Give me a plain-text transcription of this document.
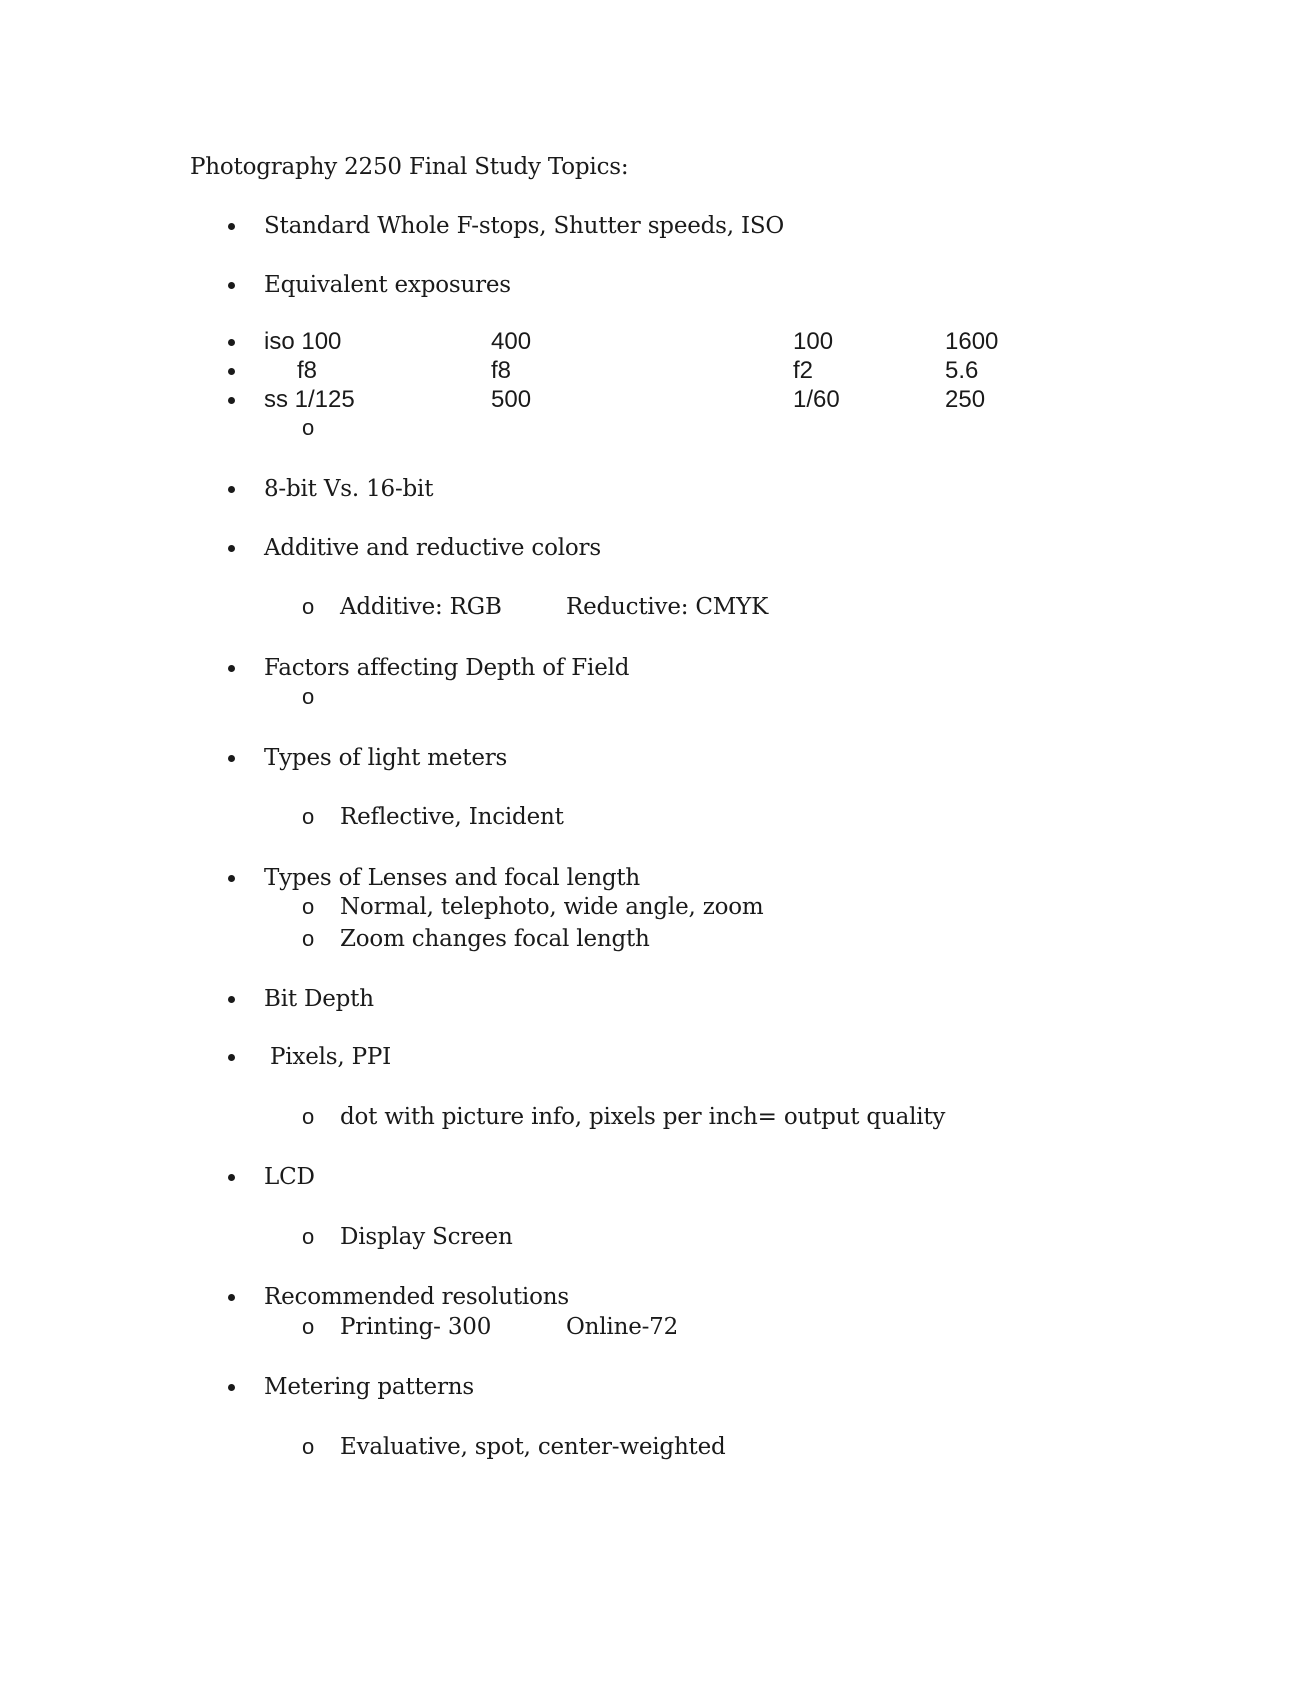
Photography 2250 Final Study Topics:
Standard Whole F-stops, Shutter speeds, ISO
Equivalent exposures
iso 100	400	100	1600
f8	f8	f2	5.6
ss 1/125	500	1/60	250
o
8-bit Vs. 16-bit
Additive and reductive colors
o Additive: RGB	Reductive: CMYK
Factors affecting Depth of Field
o
Types of light meters
o Reflective, Incident
Types of Lenses and focal length
o Normal, telephoto, wide angle, zoom
o Zoom changes focal length
Bit Depth
Pixels, PPI
o dot with picture info, pixels per inch= output quality
LCD
o Display Screen
Recommended resolutions
o Printing- 300	Online-72
Metering patterns
o Evaluative, spot, center-weighted
